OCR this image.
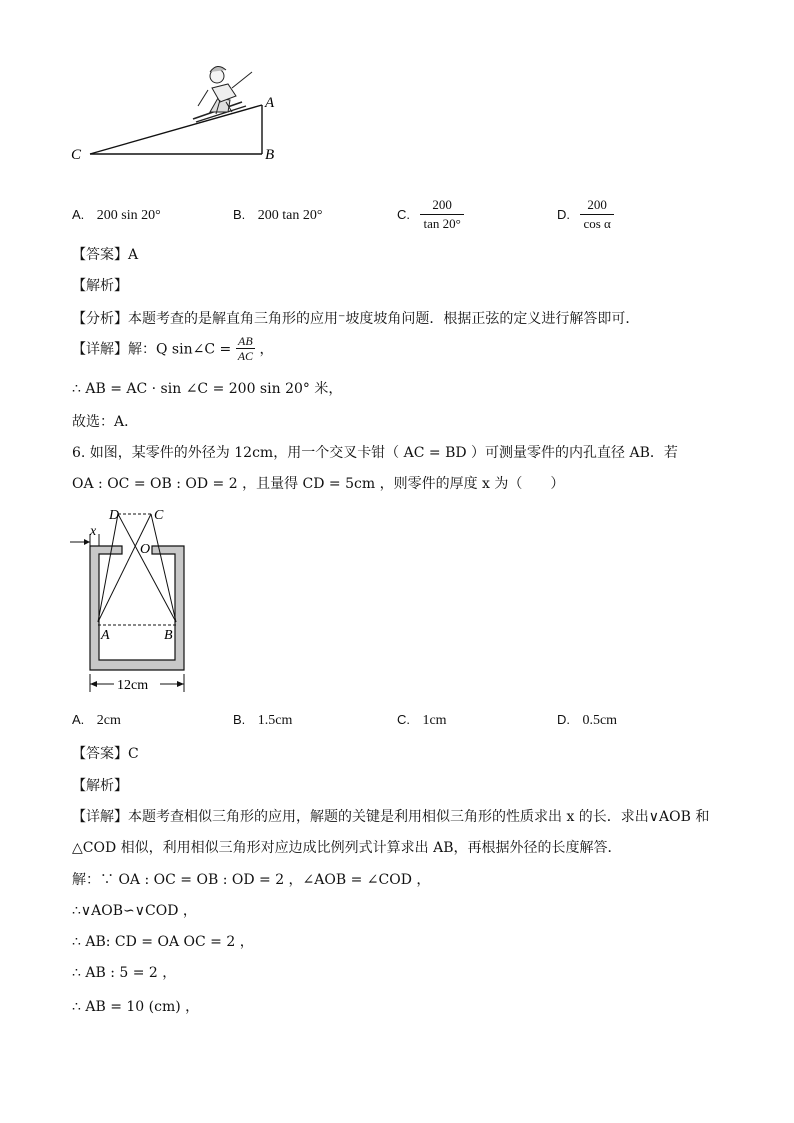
A
B
C
A. 200 sin 20°	B. 200 tan 20°	C. $\frac{200}{\tan 20^\circ}$	D. $\frac{200}{\text{cos α}}$
【答案】A
【解析】
【分析】本题考查的是解直角三角形的应用⁻坡度坡角问题．根据正弦的定义进行解答即可．
【详解】解：Q sin∠C = $\frac{AB}{AC}$ ，
∴ AB = AC · sin ∠C = 200 sin 20° 米，
故选：A．
6. 如图，某零件的外径为 12cm，用一个交叉卡钳（ AC = BD ）可测量零件的内孔直径 AB．若
OA : OC = OB : OD = 2 ，且量得 CD = 5cm ，则零件的厚度 x 为（　　）
D C
O
x
A	B
12cm
A. 2cm	B. 1.5cm	C. 1cm	D. 0.5cm
【答案】C
【解析】
【详解】本题考查相似三角形的应用，解题的关键是利用相似三角形的性质求出 x 的长．求出∨AOB 和
△COD 相似，利用相似三角形对应边成比例列式计算求出 AB，再根据外径的长度解答．
解：∵ OA : OC = OB : OD = 2 ，∠AOB = ∠COD ，
∴∨AOB∽∨COD ，
∴ AB: CD = OA OC = 2 ，
∴ AB : 5 = 2 ，
∴ AB = 10 (cm) ，
